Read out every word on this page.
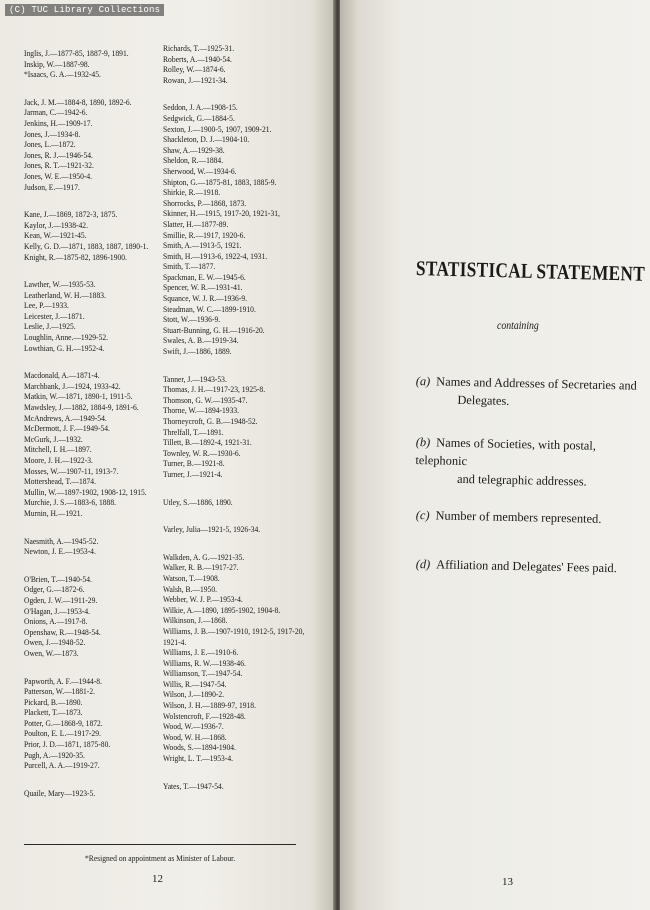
Inglis, J.—1877-85, 1887-9, 1891.
Inskip, W.—1887-98.
*Isaacs, G. A.—1932-45.
Jack, J. M.—1884-8, 1890, 1892-6.
Jarman, C.—1942-6.
Jenkins, H.—1909-17.
Jones, J.—1934-8.
Jones, L.—1872.
Jones, R. J.—1946-54.
Jones, R. T.—1921-32.
Jones, W. E.—1950-4.
Judson, E.—1917.
Kane, J.—1869, 1872-3, 1875.
Kaylor, J.—1938-42.
Kean, W.—1921-45.
Kelly, G. D.—1871, 1883, 1887, 1890-1.
Knight, R.—1875-82, 1896-1900.
Lawther, W.—1935-53.
Leatherland, W. H.—1883.
Lee, P.—1933.
Leicester, J.—1871.
Leslie, J.—1925.
Loughlin, Anne.—1929-52.
Lowthian, G. H.—1952-4.
Macdonald, A.—1871-4.
Marchbank, J.—1924, 1933-42.
Matkin, W.—1871, 1890-1, 1911-5.
Mawdsley, J.—1882, 1884-9, 1891-6.
McAndrews, A.—1949-54.
McDermott, J. F.—1949-54.
McGurk, J.—1932.
Mitchell, I. H.—1897.
Moore, J. H.—1922-3.
Mosses, W.—1907-11, 1913-7.
Mottershead, T.—1874.
Mullin, W.—1897-1902, 1908-12, 1915.
Murchie, J. S.—1883-6, 1888.
Murnin, H.—1921.
Naesmith, A.—1945-52.
Newton, J. E.—1953-4.
O'Brien, T.—1940-54.
Odger, G.—1872-6.
Ogden, J. W.—1911-29.
O'Hagan, J.—1953-4.
Onions, A.—1917-8.
Openshaw, R.—1948-54.
Owen, J.—1948-52.
Owen, W.—1873.
Papworth, A. F.—1944-8.
Patterson, W.—1881-2.
Pickard, B.—1890.
Plackett, T.—1873.
Potter, G.—1868-9, 1872.
Poulton, E. L.—1917-29.
Prior, J. D.—1871, 1875-80.
Pugh, A.—1920-35.
Purcell, A. A.—1919-27.
Quaile, Mary—1923-5.
Richards, T.—1925-31.
Roberts, A.—1940-54.
Rolley, W.—1874-6.
Rowan, J.—1921-34.
Seddon, J. A.—1908-15.
Sedgwick, G.—1884-5.
Sexton, J.—1900-5, 1907, 1909-21.
Shackleton, D. J.—1904-10.
Shaw, A.—1929-38.
Sheldon, R.—1884.
Sherwood, W.—1934-6.
Shipton, G.—1875-81, 1883, 1885-9.
Shirkie, R.—1918.
Shorrocks, P.—1868, 1873.
Skinner, H.—1915, 1917-20, 1921-31,
Slatter, H.—1877-89.
Smillie, R.—1917, 1920-6.
Smith, A.—1913-5, 1921.
Smith, H.—1913-6, 1922-4, 1931.
Smith, T.—1877.
Spackman, E. W.—1945-6.
Spencer, W. R.—1931-41.
Squance, W. J. R.—1936-9.
Steadman, W. C.—1899-1910.
Stott, W.—1936-9.
Stuart-Bunning, G. H.—1916-20.
Swales, A. B.—1919-34.
Swift, J.—1886, 1889.
Tanner, J.—1943-53.
Thomas, J. H.—1917-23, 1925-8.
Thomson, G. W.—1935-47.
Thorne, W.—1894-1933.
Thorneycroft, G. B.—1948-52.
Threlfall, T.—1891.
Tillett, B.—1892-4, 1921-31.
Townley, W. R.—1930-6.
Turner, B.—1921-8.
Turner, J.—1921-4.
Utley, S.—1886, 1890.
Varley, Julia—1921-5, 1926-34.
Walkden, A. G.—1921-35.
Walker, R. B.—1917-27.
Watson, T.—1908.
Walsh, B.—1950.
Webber, W. J. P.—1953-4.
Wilkie, A.—1890, 1895-1902, 1904-8.
Wilkinson, J.—1868.
Williams, J. B.—1907-1910, 1912-5, 1917-20, 1921-4.
Williams, J. E.—1910-6.
Williams, R. W.—1938-46.
Williamson, T.—1947-54.
Willis, R.—1947-54.
Wilson, J.—1890-2.
Wilson, J. H.—1889-97, 1918.
Wolstencroft, F.—1928-48.
Wood, W.—1936-7.
Wood, W. H.—1868.
Woods, S.—1894-1904.
Wright, L. T.—1953-4.
Yates, T.—1947-54.
*Resigned on appointment as Minister of Labour.
12
STATISTICAL STATEMENT
containing
(a) Names and Addresses of Secretaries and
Delegates.
(b) Names of Societies, with postal, telephonic
and telegraphic addresses.
(c) Number of members represented.
(d) Affiliation and Delegates' Fees paid.
13
(C) TUC Library Collections
